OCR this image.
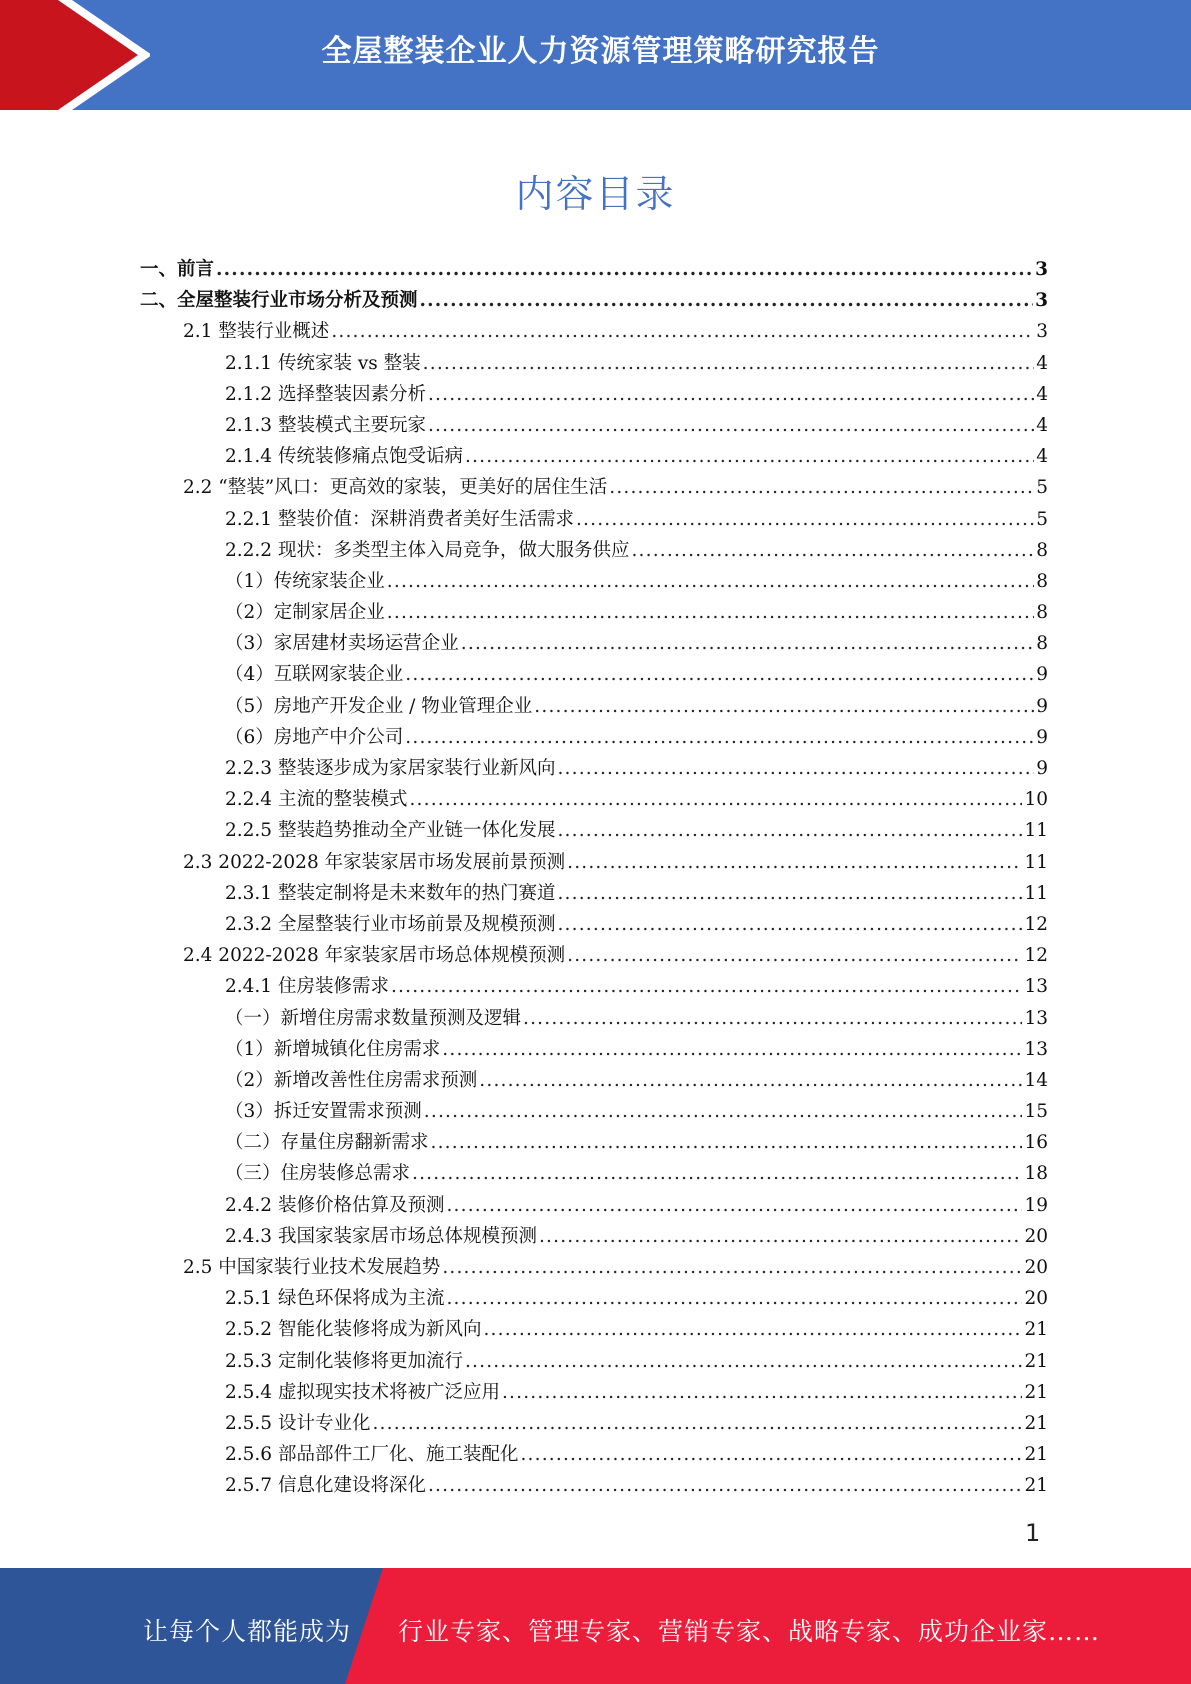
全屋整装企业人力资源管理策略研究报告
内容目录
一、前言 .....	3
二、全屋整装行业市场分析及预测 .....	3
2.1 整装行业概述 .....	3
2.1.1 传统家装 vs 整装 .....	4
2.1.2 选择整装因素分析 .....	4
2.1.3 整装模式主要玩家 .....	4
2.1.4 传统装修痛点饱受诟病 .....	4
2.2 “整装”风口：更高效的家装，更美好的居住生活 .....	5
2.2.1 整装价值：深耕消费者美好生活需求 .....	5
2.2.2 现状：多类型主体入局竞争，做大服务供应 .....	8
（1）传统家装企业 .....	8
（2）定制家居企业 .....	8
（3）家居建材卖场运营企业 .....	8
（4）互联网家装企业 .....	9
（5）房地产开发企业 / 物业管理企业 .....	9
（6）房地产中介公司 .....	9
2.2.3 整装逐步成为家居家装行业新风向 .....	9
2.2.4 主流的整装模式 .....	10
2.2.5 整装趋势推动全产业链一体化发展 .....	11
2.3 2022-2028 年家装家居市场发展前景预测 .....	11
2.3.1 整装定制将是未来数年的热门赛道 .....	11
2.3.2 全屋整装行业市场前景及规模预测 .....	12
2.4 2022-2028 年家装家居市场总体规模预测 .....	12
2.4.1 住房装修需求 .....	13
（一）新增住房需求数量预测及逻辑 .....	13
（1）新增城镇化住房需求 .....	13
（2）新增改善性住房需求预测 .....	14
（3）拆迁安置需求预测 .....	15
（二）存量住房翻新需求 .....	16
（三）住房装修总需求 .....	18
2.4.2 装修价格估算及预测 .....	19
2.4.3 我国家装家居市场总体规模预测 .....	20
2.5 中国家装行业技术发展趋势 .....	20
2.5.1 绿色环保将成为主流 .....	20
2.5.2 智能化装修将成为新风向 .....	21
2.5.3 定制化装修将更加流行 .....	21
2.5.4 虚拟现实技术将被广泛应用 .....	21
2.5.5 设计专业化 .....	21
2.5.6 部品部件工厂化、施工装配化 .....	21
2.5.7 信息化建设将深化 .....	21
1
让每个人都能成为 行业专家、管理专家、营销专家、战略专家、成功企业家……
